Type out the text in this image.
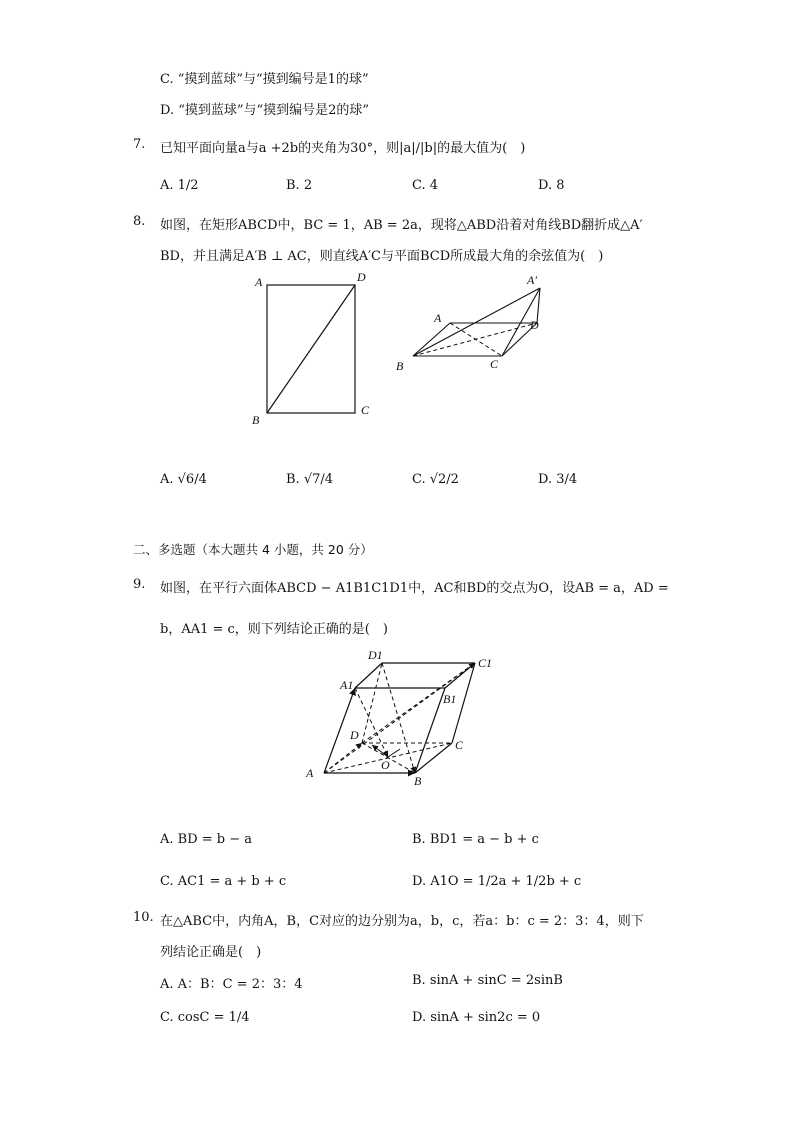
C. “摸到蓝球”与“摸到编号是1的球”
D. “摸到蓝球”与“摸到编号是2的球”
7. 已知平面向量a与a +2b的夹角为30°，则|a|/|b|的最大值为(　)
A. 1/2	B. 2	C. 4	D. 8
8. 如图，在矩形ABCD中，BC = 1，AB = 2a，现将△ABD沿着对角线BD翻折成△A′
BD，并且满足A′B ⊥ AC，则直线A′C与平面BCD所成最大角的余弦值为(　)
A	D
B
C
A′
A	D
B	C
A. √6/4	B. √7/4	C. √2/2	D. 3/4
二、多选题（本大题共 4 小题，共 20 分）
9. 如图，在平行六面体ABCD − A1B1C1D1中，AC和BD的交点为O，设AB = a，AD =
b，AA1 = c，则下列结论正确的是(　)
D1
C1
A1
B1
D
C
A
O
B
A. BD = b − a	B. BD1 = a − b + c
C. AC1 = a + b + c	D. A1O = 1/2a + 1/2b + c
10. 在△ABC中，内角A，B，C对应的边分别为a，b，c，若a：b：c = 2：3：4，则下
列结论正确是(　)
A. A：B：C = 2：3：4	B. sinA + sinC = 2sinB
C. cosC = 1/4	D. sinA + sin2c = 0
